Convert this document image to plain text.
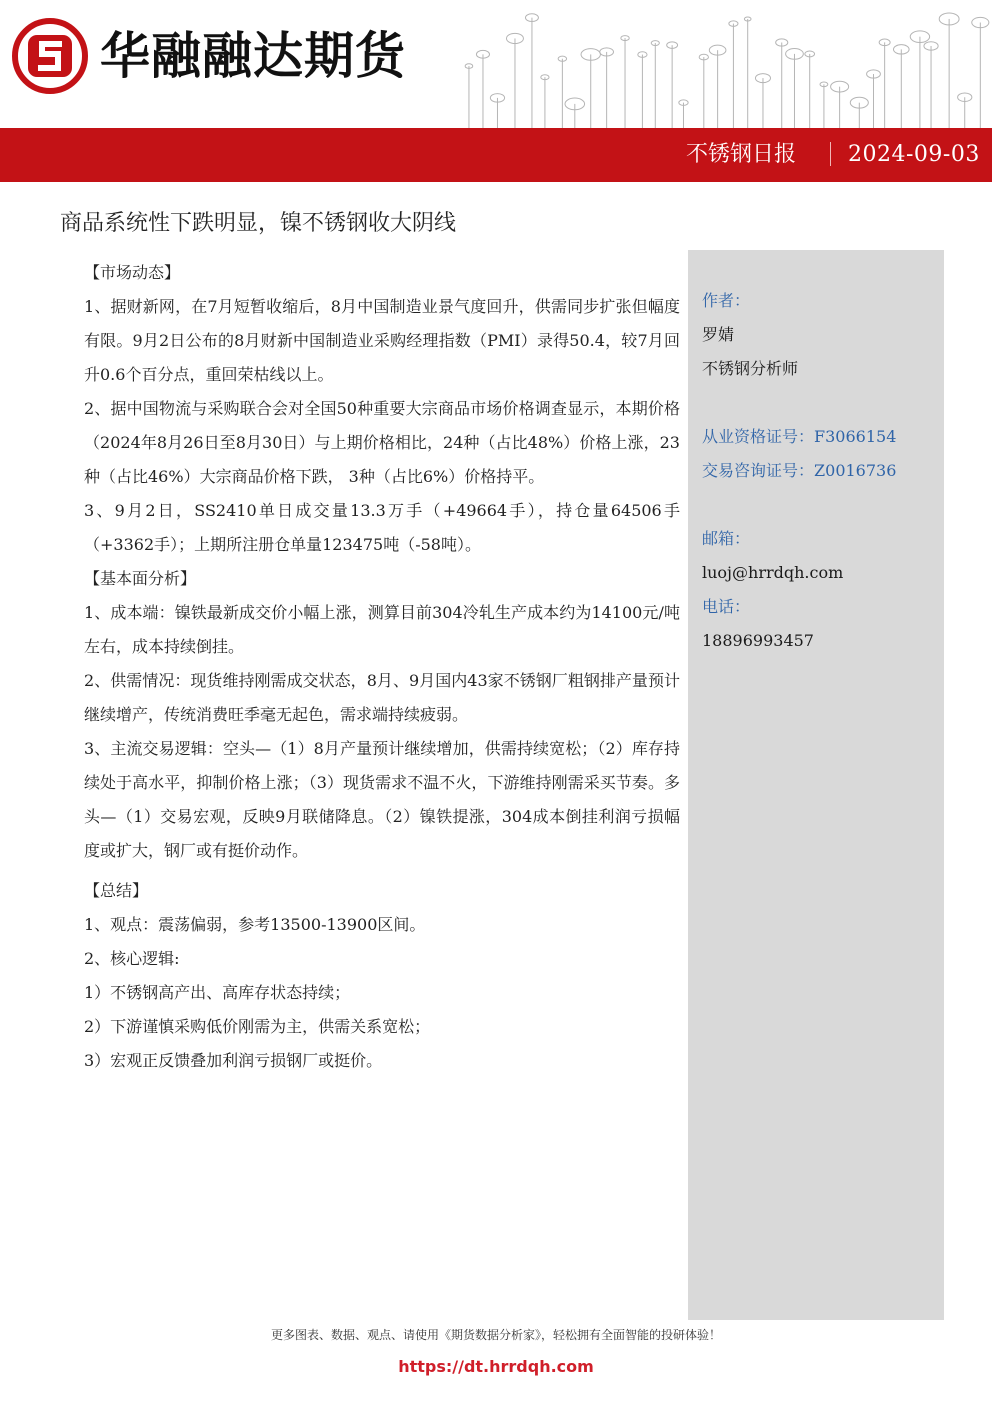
华融融达期货
不锈钢日报 2024-09-03
商品系统性下跌明显，镍不锈钢收大阴线

【市场动态】

1、据财新网，在7月短暂收缩后，8月中国制造业景气度回升，供需同步扩张但幅度有限。9月2日公布的8月财新中国制造业采购经理指数（PMI）录得50.4，较7月回升0.6个百分点，重回荣枯线以上。

2、据中国物流与采购联合会对全国50种重要大宗商品市场价格调查显示，本期价格（2024年8月26日至8月30日）与上期价格相比，24种（占比48%）价格上涨，23种（占比46%）大宗商品价格下跌， 3种（占比6%）价格持平。

3、9月2日，SS2410单日成交量13.3万手（+49664手），持仓量64506手（+3362手）；上期所注册仓单量123475吨（-58吨）。

【基本面分析】

1、成本端：镍铁最新成交价小幅上涨，测算目前304冷轧生产成本约为14100元/吨左右，成本持续倒挂。

2、供需情况：现货维持刚需成交状态，8月、9月国内43家不锈钢厂粗钢排产量预计继续增产，传统消费旺季毫无起色，需求端持续疲弱。

3、主流交易逻辑：空头—（1）8月产量预计继续增加，供需持续宽松；（2）库存持续处于高水平，抑制价格上涨；（3）现货需求不温不火，下游维持刚需采买节奏。多头—（1）交易宏观，反映9月联储降息。（2）镍铁提涨，304成本倒挂利润亏损幅度或扩大，钢厂或有挺价动作。

【总结】

1、观点：震荡偏弱，参考13500-13900区间。

2、核心逻辑:

1）不锈钢高产出、高库存状态持续；

2）下游谨慎采购低价刚需为主，供需关系宽松；

3）宏观正反馈叠加利润亏损钢厂或挺价。

作者：
罗婧
不锈钢分析师
从业资格证号：F3066154
交易咨询证号：Z0016736
邮箱：
luoj@hrrdqh.com
电话：
18896993457
更多图表、数据、观点、请使用《期货数据分析家》，轻松拥有全面智能的投研体验！
https://dt.hrrdqh.com
